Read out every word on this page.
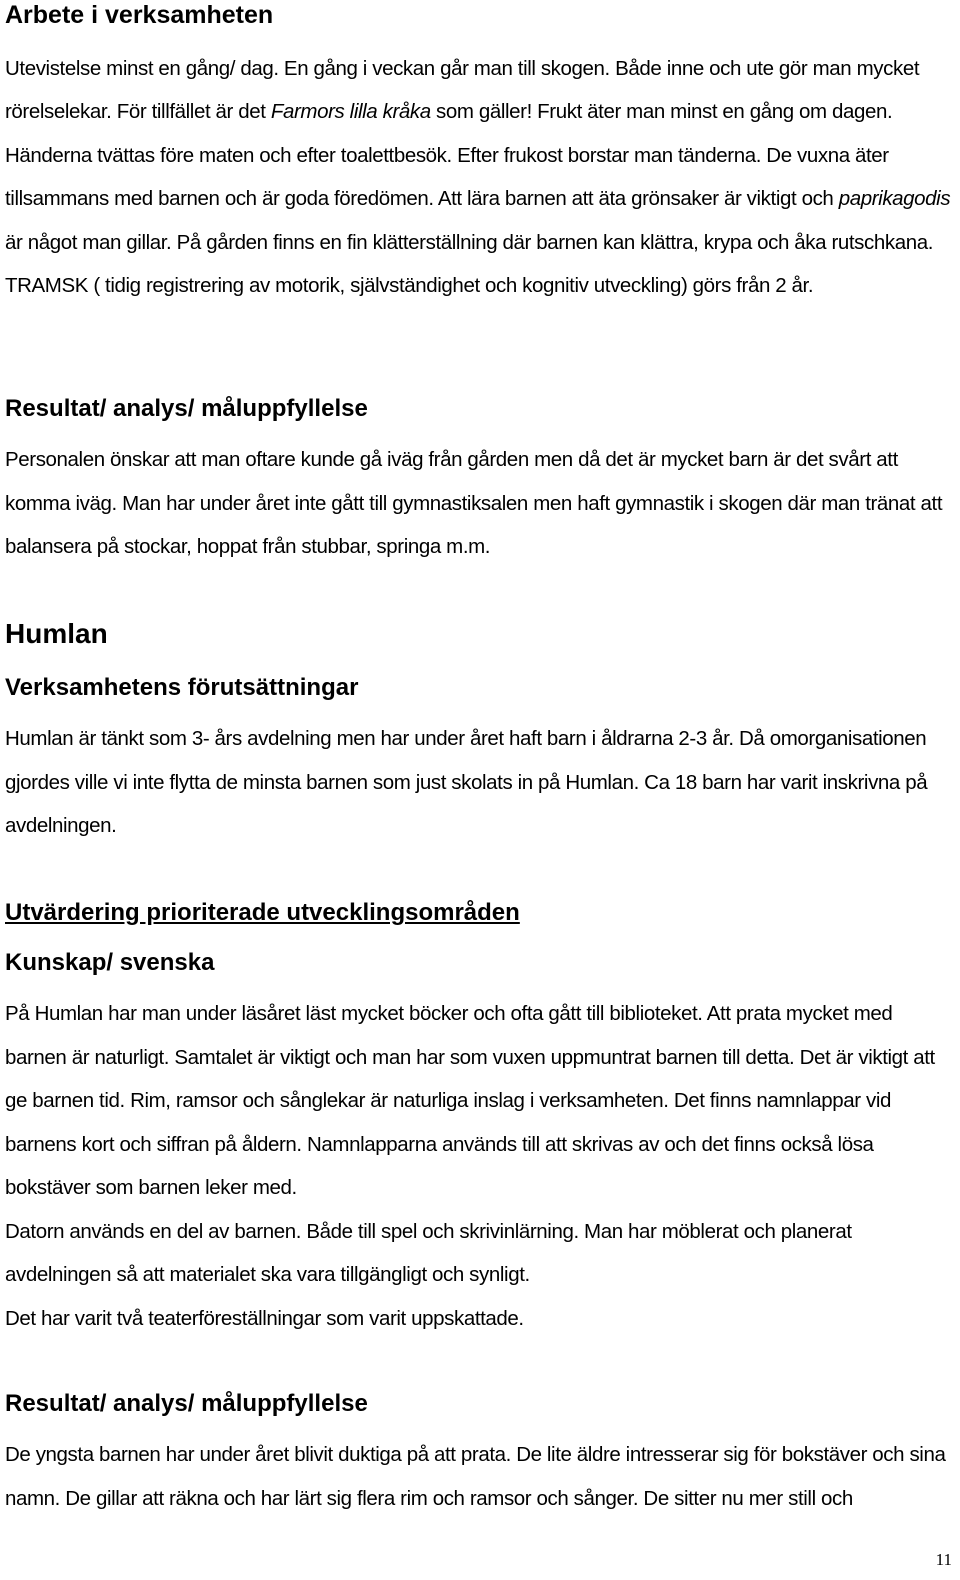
Arbete i verksamheten

Utevistelse minst en gång/ dag. En gång i veckan går man till skogen. Både inne och ute gör man mycket rörelselekar. För tillfället är det Farmors lilla kråka som gäller! Frukt äter man minst en gång om dagen. Händerna tvättas före maten och efter toalettbesök. Efter frukost borstar man tänderna. De vuxna äter tillsammans med barnen och är goda föredömen. Att lära barnen att äta grönsaker är viktigt och paprikagodis är något man gillar. På gården finns en fin klätterställning där barnen kan klättra, krypa och åka rutschkana. TRAMSK ( tidig registrering av motorik, självständighet och kognitiv utveckling) görs från 2 år.

Resultat/ analys/ måluppfyllelse

Personalen önskar att man oftare kunde gå iväg från gården men då det är mycket barn är det svårt att komma iväg. Man har under året inte gått till gymnastiksalen men haft gymnastik i skogen där man tränat att balansera på stockar, hoppat från stubbar, springa m.m.

Humlan
Verksamhetens förutsättningar

Humlan är tänkt som 3- års avdelning men har under året haft barn i åldrarna 2-3 år. Då omorganisationen gjordes ville vi inte flytta de minsta barnen som just skolats in på Humlan. Ca 18 barn har varit inskrivna på avdelningen.

Utvärdering prioriterade utvecklingsområden
Kunskap/ svenska

På Humlan har man under läsåret läst mycket böcker och ofta gått till biblioteket. Att prata mycket med barnen är naturligt. Samtalet är viktigt och man har som vuxen uppmuntrat barnen till detta. Det är viktigt att ge barnen tid. Rim, ramsor och sånglekar är naturliga inslag i verksamheten. Det finns namnlappar vid barnens kort och siffran på åldern. Namnlapparna används till att skrivas av och det finns också lösa bokstäver som barnen leker med.

Datorn används en del av barnen. Både till spel och skrivinlärning. Man har möblerat och planerat avdelningen så att materialet ska vara tillgängligt och synligt.

Det har varit två teaterföreställningar som varit uppskattade.

Resultat/ analys/ måluppfyllelse

De yngsta barnen har under året blivit duktiga på att prata. De lite äldre intresserar sig för bokstäver och sina namn. De gillar att räkna och har lärt sig flera rim och ramsor och sånger. De sitter nu mer still och

11
